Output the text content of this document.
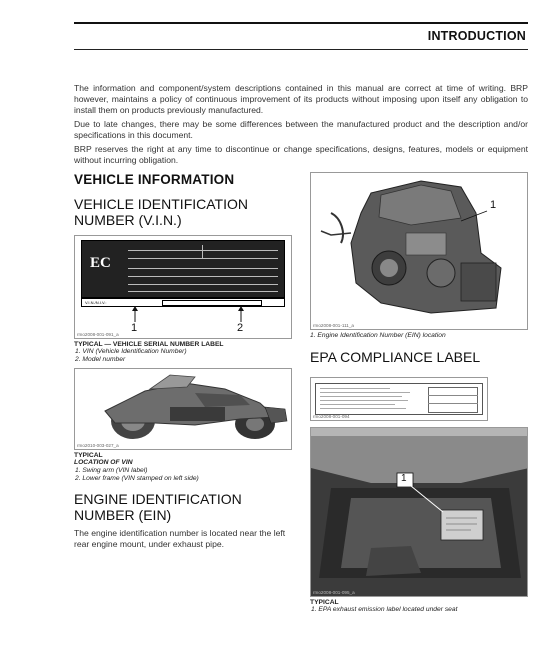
INTRODUCTION

The information and component/system descriptions contained in this manual are correct at time of writing. BRP however, maintains a policy of continuous improvement of its products without imposing upon itself any obligation to install them on products previously manufactured.

Due to late changes, there may be some differences between the manufactured product and the description and/or specifications in this document.

BRP reserves the right at any time to discontinue or change specifications, designs, features, models or equipment without incurring obligation.

VEHICLE INFORMATION
VEHICLE IDENTIFICATION NUMBER (V.I.N.)
EC
V.I.N./N.I.V.:
1	2
rmo2008-001-091_a
TYPICAL — VEHICLE SERIAL NUMBER LABEL
1. VIN (Vehicle Identification Number)
2. Model number
rmo2010-003-027_a
TYPICAL
LOCATION OF VIN
1. Swing arm (VIN label)
2. Lower frame (VIN stamped on left side)
ENGINE IDENTIFICATION NUMBER (EIN)
The engine identification number is located near the left rear engine mount, under exhaust pipe.
1
rmo2008-001-111_a
1. Engine Identification Number (EIN) location
EPA COMPLIANCE LABEL
rmo2008-001-094
1
rmo2008-001-095_a
TYPICAL
1. EPA exhaust emission label located under seat
